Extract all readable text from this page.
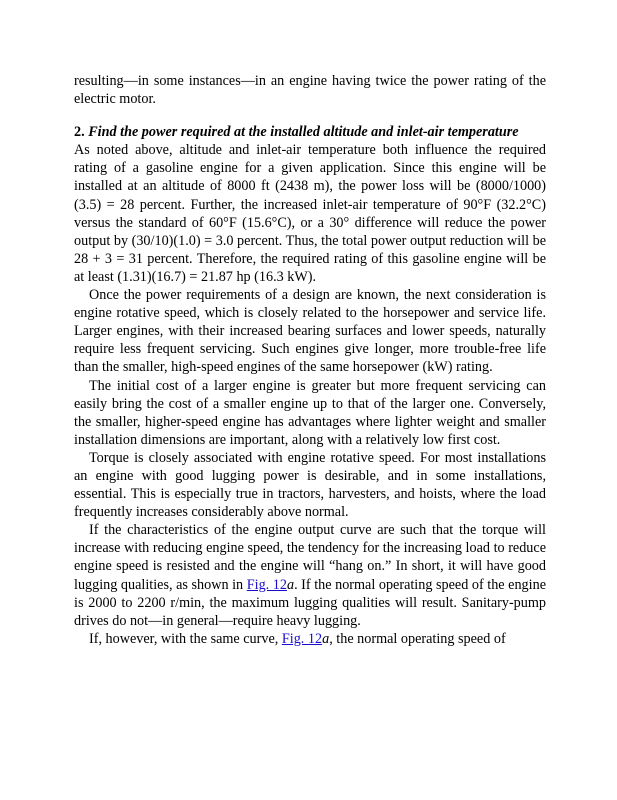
resulting—in some instances—in an engine having twice the power rating of the electric motor.

2. Find the power required at the installed altitude and inlet-air temperature

As noted above, altitude and inlet-air temperature both influence the required rating of a gasoline engine for a given application. Since this engine will be installed at an altitude of 8000 ft (2438 m), the power loss will be (8000/1000)(3.5) = 28 percent. Further, the increased inlet-air temperature of 90°F (32.2°C) versus the standard of 60°F (15.6°C), or a 30° difference will reduce the power output by (30/10)(1.0) = 3.0 percent. Thus, the total power output reduction will be 28 + 3 = 31 percent. Therefore, the required rating of this gasoline engine will be at least (1.31)(16.7) = 21.87 hp (16.3 kW).

Once the power requirements of a design are known, the next consideration is engine rotative speed, which is closely related to the horsepower and service life. Larger engines, with their increased bearing surfaces and lower speeds, naturally require less frequent servicing. Such engines give longer, more trouble-free life than the smaller, high-speed engines of the same horsepower (kW) rating.

The initial cost of a larger engine is greater but more frequent servicing can easily bring the cost of a smaller engine up to that of the larger one. Conversely, the smaller, higher-speed engine has advantages where lighter weight and smaller installation dimensions are important, along with a relatively low first cost.

Torque is closely associated with engine rotative speed. For most installations an engine with good lugging power is desirable, and in some installations, essential. This is especially true in tractors, harvesters, and hoists, where the load frequently increases considerably above normal.

If the characteristics of the engine output curve are such that the torque will increase with reducing engine speed, the tendency for the increasing load to reduce engine speed is resisted and the engine will “hang on.” In short, it will have good lugging qualities, as shown in Fig. 12a. If the normal operating speed of the engine is 2000 to 2200 r/min, the maximum lugging qualities will result. Sanitary-pump drives do not—in general—require heavy lugging.

If, however, with the same curve, Fig. 12a, the normal operating speed of
